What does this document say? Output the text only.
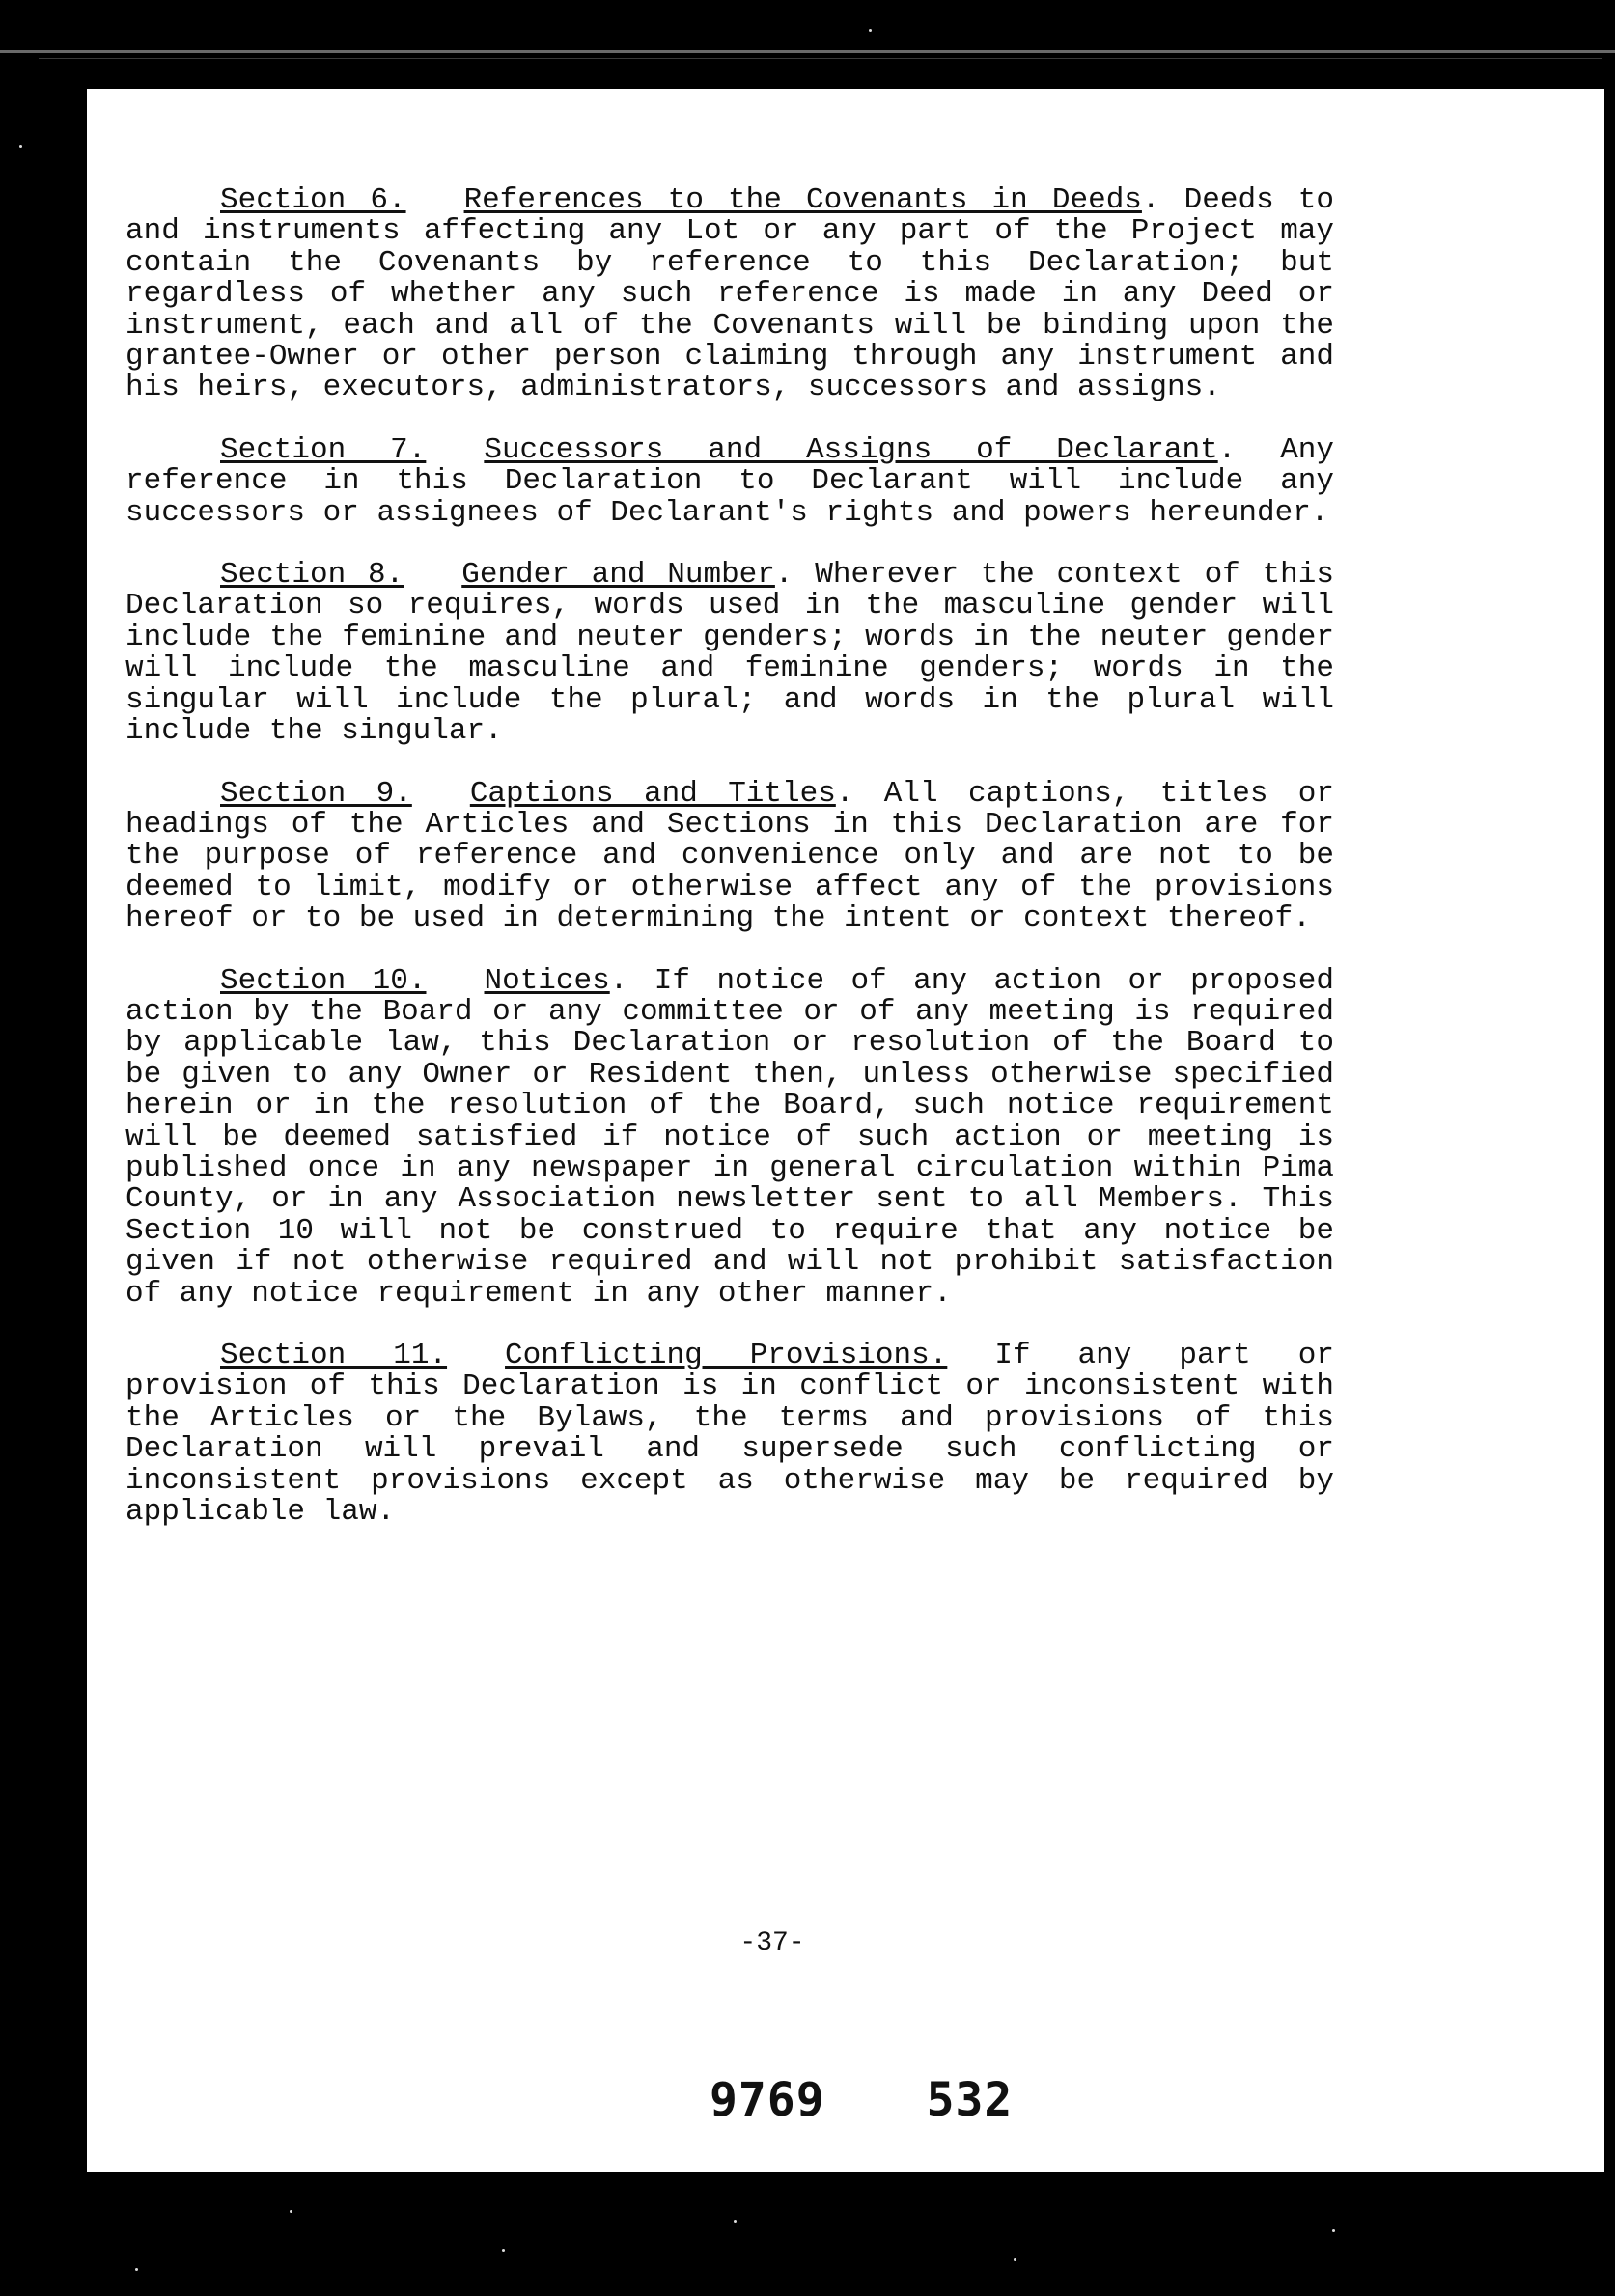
Section 6. References to the Covenants in Deeds. Deeds to and instruments affecting any Lot or any part of the Project may contain the Covenants by reference to this Declaration; but regardless of whether any such reference is made in any Deed or instrument, each and all of the Covenants will be binding upon the grantee-Owner or other person claiming through any instrument and his heirs, executors, administrators, successors and assigns.

Section 7. Successors and Assigns of Declarant. Any reference in this Declaration to Declarant will include any successors or assignees of Declarant's rights and powers hereunder.

Section 8. Gender and Number. Wherever the context of this Declaration so requires, words used in the masculine gender will include the feminine and neuter genders; words in the neuter gender will include the masculine and feminine genders; words in the singular will include the plural; and words in the plural will include the singular.

Section 9. Captions and Titles. All captions, titles or headings of the Articles and Sections in this Declaration are for the purpose of reference and convenience only and are not to be deemed to limit, modify or otherwise affect any of the provisions hereof or to be used in determining the intent or context thereof.

Section 10. Notices. If notice of any action or proposed action by the Board or any committee or of any meeting is required by applicable law, this Declaration or resolution of the Board to be given to any Owner or Resident then, unless otherwise specified herein or in the resolution of the Board, such notice requirement will be deemed satisfied if notice of such action or meeting is published once in any newspaper in general circulation within Pima County, or in any Association newsletter sent to all Members. This Section 10 will not be construed to require that any notice be given if not otherwise required and will not prohibit satisfaction of any notice requirement in any other manner.

Section 11. Conflicting Provisions. If any part or provision of this Declaration is in conflict or inconsistent with the Articles or the Bylaws, the terms and provisions of this Declaration will prevail and supersede such conflicting or inconsistent provisions except as otherwise may be required by applicable law.

-37-
9769 532
